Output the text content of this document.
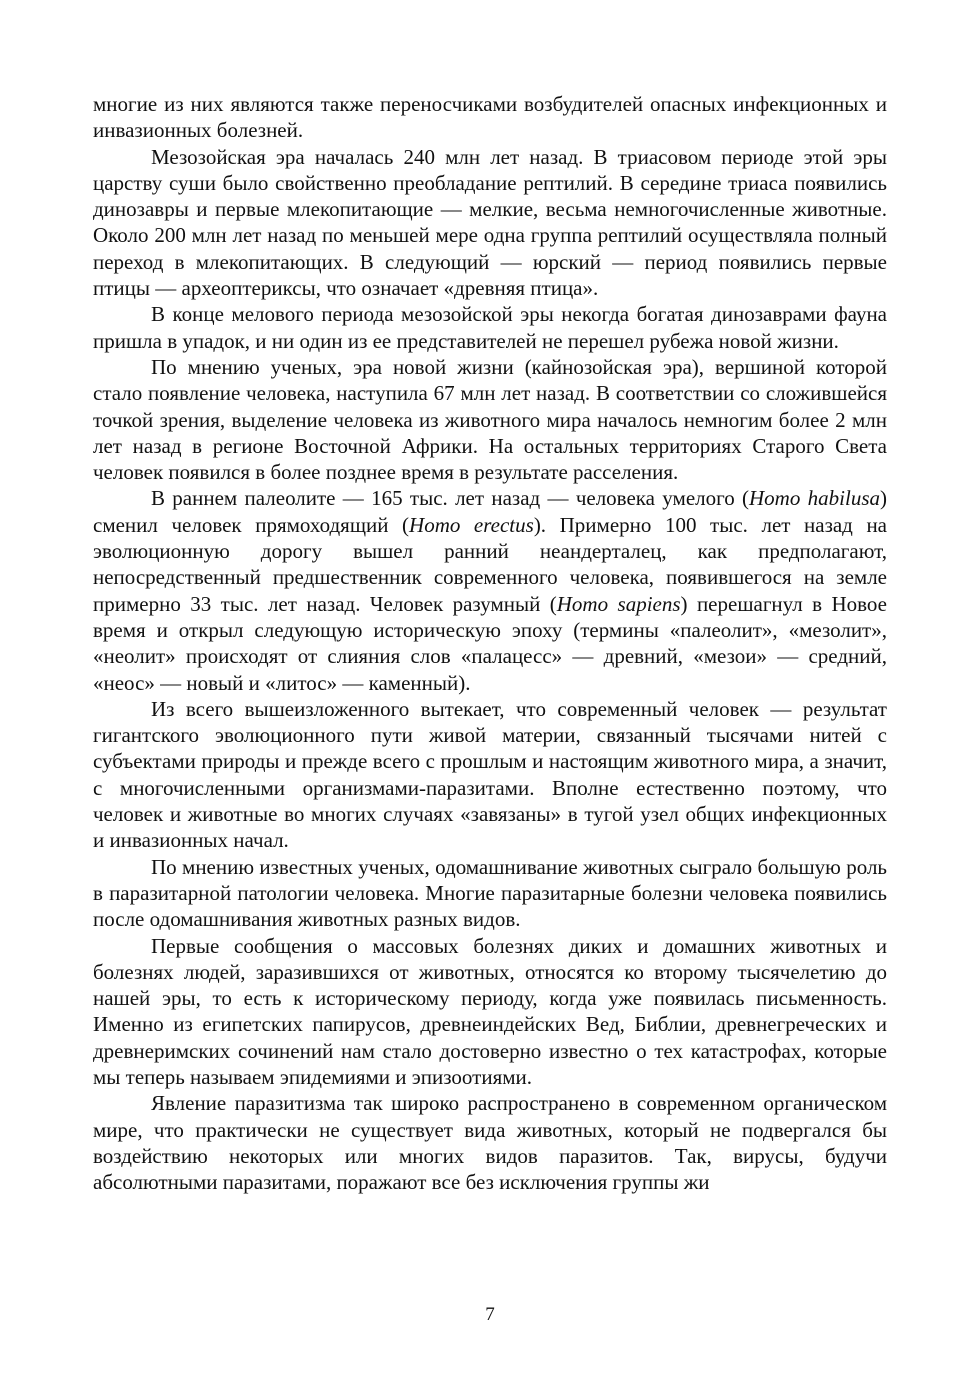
многие из них являются также переносчиками возбудителей опасных инфекционных и инвазионных болезней.

Мезозойская эра началась 240 млн лет назад. В триасовом периоде этой эры царству суши было свойственно преобладание рептилий. В середине триаса появились динозавры и первые млекопитающие — мелкие, весьма немногочисленные животные. Около 200 млн лет назад по меньшей мере одна группа рептилий осуществляла полный переход в млекопитающих. В следующий — юрский — период появились первые птицы — археоптериксы, что означает «древняя птица».

В конце мелового периода мезозойской эры некогда богатая динозаврами фауна пришла в упадок, и ни один из ее представителей не перешел рубежа новой жизни.

По мнению ученых, эра новой жизни (кайнозойская эра), вершиной которой стало появление человека, наступила 67 млн лет назад. В соответствии со сложившейся точкой зрения, выделение человека из животного мира началось немногим более 2 млн лет назад в регионе Восточной Африки. На остальных территориях Старого Света человек появился в более позднее время в результате расселения.

В раннем палеолите — 165 тыс. лет назад — человека умелого (Homo habilusa) сменил человек прямоходящий (Homo erectus). Примерно 100 тыс. лет назад на эволюционную дорогу вышел ранний неандерталец, как предполагают, непосредственный предшественник современного человека, появившегося на земле примерно 33 тыс. лет назад. Человек разумный (Homo sapiens) перешагнул в Новое время и открыл следующую историческую эпоху (термины «палеолит», «мезолит», «неолит» происходят от слияния слов «палацесс» — древний, «мезои» — средний, «неос» — новый и «литос» — каменный).

Из всего вышеизложенного вытекает, что современный человек — результат гигантского эволюционного пути живой материи, связанный тысячами нитей с субъектами природы и прежде всего с прошлым и настоящим животного мира, а значит, с многочисленными организмами-паразитами. Вполне естественно поэтому, что человек и животные во многих случаях «завязаны» в тугой узел общих инфекционных и инвазионных начал.

По мнению известных ученых, одомашнивание животных сыграло большую роль в паразитарной патологии человека. Многие паразитарные болезни человека появились после одомашнивания животных разных видов.

Первые сообщения о массовых болезнях диких и домашних животных и болезнях людей, заразившихся от животных, относятся ко второму тысячелетию до нашей эры, то есть к историческому периоду, когда уже появилась письменность. Именно из египетских папирусов, древнеиндейских Вед, Библии, древнегреческих и древнеримских сочинений нам стало достоверно известно о тех катастрофах, которые мы теперь называем эпидемиями и эпизоотиями.

Явление паразитизма так широко распространено в современном органическом мире, что практически не существует вида животных, который не подвергался бы воздействию некоторых или многих видов паразитов. Так, вирусы, будучи абсолютными паразитами, поражают все без исключения группы жи

7
